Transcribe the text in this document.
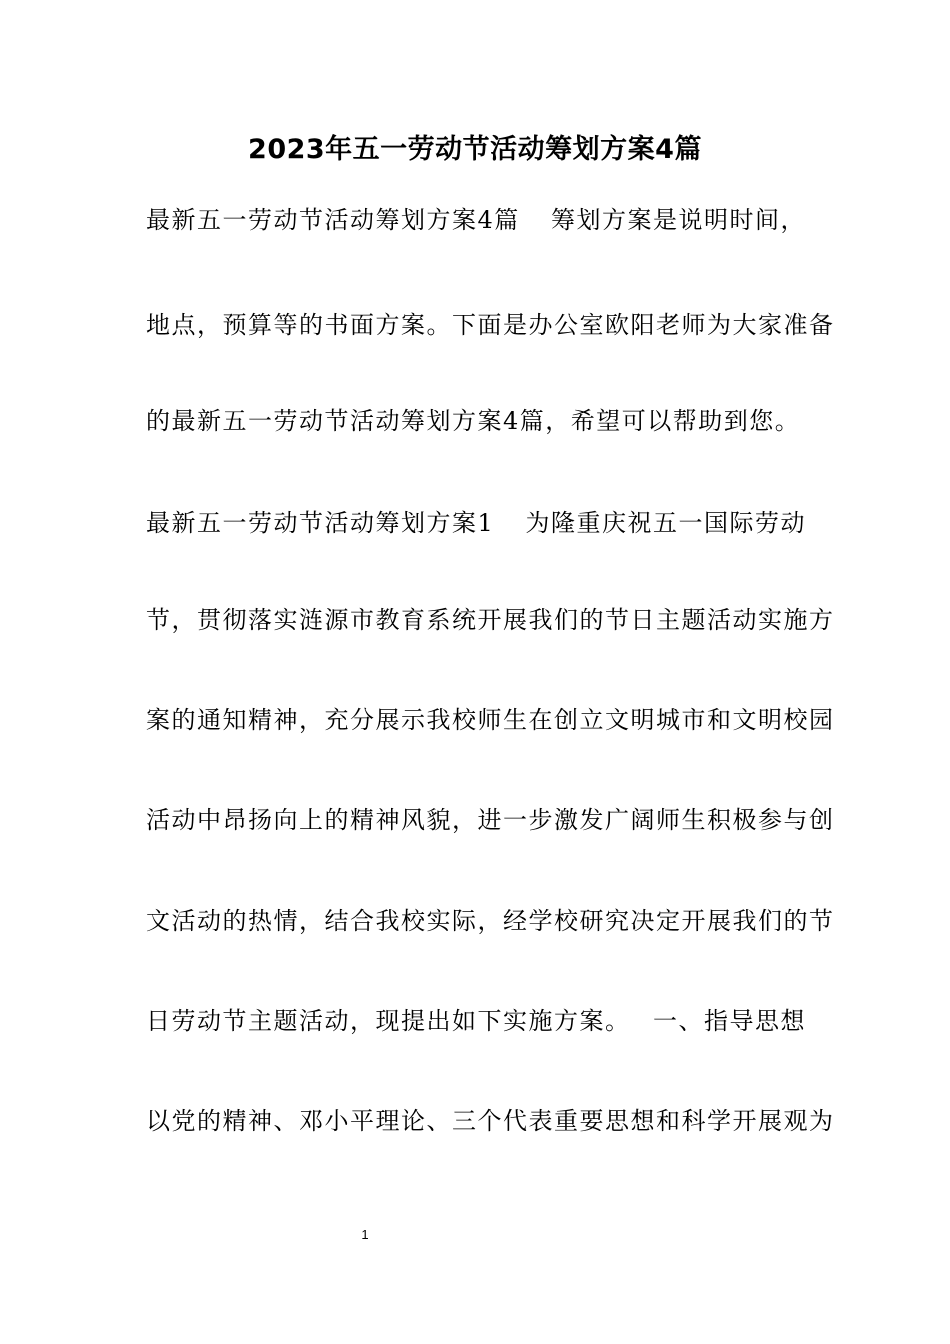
2023年五一劳动节活动筹划方案4篇
最新五一劳动节活动筹划方案4篇 筹划方案是说明时间，
地点，预算等的书面方案。下面是办公室欧阳老师为大家准备
的最新五一劳动节活动筹划方案4篇，希望可以帮助到您。
最新五一劳动节活动筹划方案1 为隆重庆祝五一国际劳动
节，贯彻落实涟源市教育系统开展我们的节日主题活动实施方
案的通知精神，充分展示我校师生在创立文明城市和文明校园
活动中昂扬向上的精神风貌，进一步激发广阔师生积极参与创
文活动的热情，结合我校实际，经学校研究决定开展我们的节
日劳动节主题活动，现提出如下实施方案。 一、指导思想
以党的精神、邓小平理论、三个代表重要思想和科学开展观为
1
